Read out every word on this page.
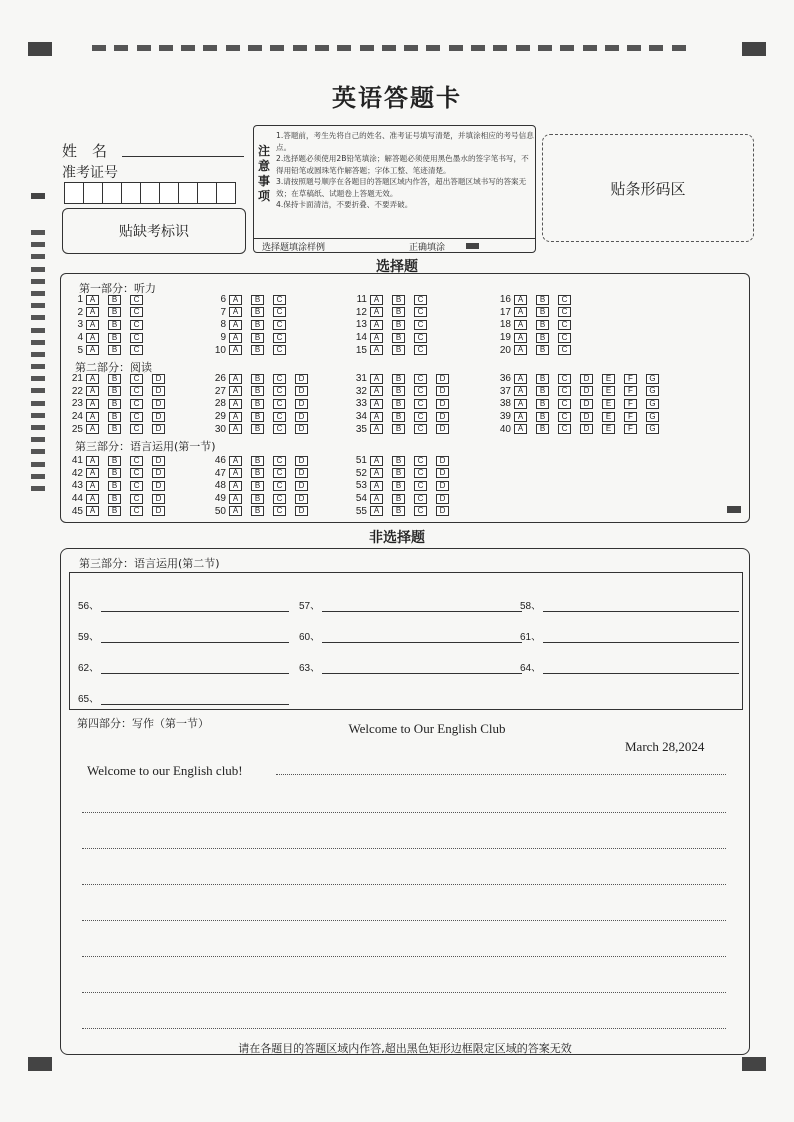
英语答题卡
姓　名
准考证号
贴缺考标识
注意事项
1.答题前，考生先将自己的姓名、准考证号填写清楚，并填涂相应的考号信息点。
2.选择题必须使用2B铅笔填涂；解答题必须使用黑色墨水的签字笔书写，不得用铅笔或圆珠笔作解答题；字体工整、笔迹清楚。
3.请按照题号顺序在各题目的答题区域内作答，超出答题区域书写的答案无效；在草稿纸、试题卷上答题无效。
4.保持卡面清洁，不要折叠、不要弄破。
选择题填涂样例	正确填涂
贴条形码区
选择题
第一部分：听力
第二部分：阅读
第三部分：语言运用(第一节)
1 A	B	C
2 A	B	C
3 A	B	C
4 A	B	C
5 A	B	C
6 A	B	C
7 A	B	C
8 A	B	C
9 A	B	C
10 A	B	C
11 A	B	C
12 A	B	C
13 A	B	C
14 A	B	C
15 A	B	C
16 A	B	C
17 A	B	C
18 A	B	C
19 A	B	C
20 A	B	C
21 A	B	C	D
22 A	B	C	D
23 A	B	C	D
24 A	B	C	D
25 A	B	C	D
26 A	B	C	D
27 A	B	C	D
28 A	B	C	D
29 A	B	C	D
30 A	B	C	D
31 A	B	C	D
32 A	B	C	D
33 A	B	C	D
34 A	B	C	D
35 A	B	C	D
36 A	B	C	D	E	F	G
37 A	B	C	D	E	F	G
38 A	B	C	D	E	F	G
39 A	B	C	D	E	F	G
40 A	B	C	D	E	F	G
41 A	B	C	D
42 A	B	C	D
43 A	B	C	D
44 A	B	C	D
45 A	B	C	D
46 A	B	C	D
47 A	B	C	D
48 A	B	C	D
49 A	B	C	D
50 A	B	C	D
51 A	B	C	D
52 A	B	C	D
53 A	B	C	D
54 A	B	C	D
55 A	B	C	D
非选择题
第三部分：语言运用(第二节)
56、	57、	58、
59、	60、	61、
62、	63、	64、
65、
第四部分：写作（第一节）	Welcome to Our English Club
March 28,2024
Welcome to our English club!
请在各题目的答题区域内作答,超出黑色矩形边框限定区域的答案无效
